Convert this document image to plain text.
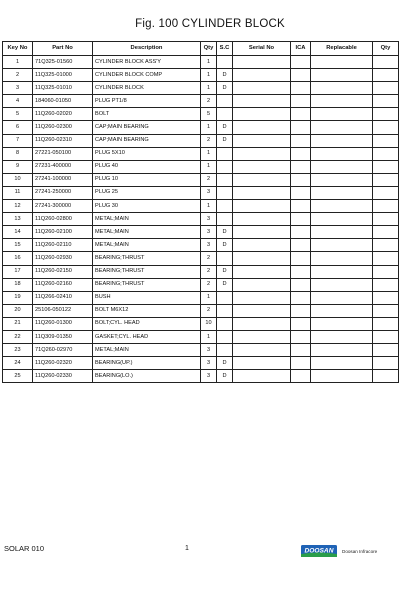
Fig. 100 CYLINDER BLOCK
Key No	Part No	Description	Qty	S.C	Serial No	ICA	Replacable	Qty
1	71Q325-01560	CYLINDER BLOCK ASS'Y	1					
2	11Q325-01000	CYLINDER BLOCK COMP	1	D				
3	11Q325-01010	CYLINDER BLOCK	1	D				
4	184060-01050	PLUG PT1/8	2					
5	11Q260-02020	BOLT	5					
6	11Q260-02300	CAP;MAIN BEARING	1	D				
7	11Q260-02310	CAP;MAIN BEARING	2	D				
8	27221-050100	PLUG 5X10	1					
9	27231-400000	PLUG 40	1					
10	27241-100000	PLUG 10	2					
11	27241-250000	PLUG 25	3					
12	27241-300000	PLUG 30	1					
13	11Q260-02800	METAL;MAIN	3					
14	11Q260-02100	METAL;MAIN	3	D				
15	11Q260-02110	METAL;MAIN	3	D				
16	11Q260-02930	BEARING;THRUST	2					
17	11Q260-02150	BEARING;THRUST	2	D				
18	11Q260-02160	BEARING;THRUST	2	D				
19	11Q266-02410	BUSH	1					
20	25106-050122	BOLT M6X12	2					
21	11Q260-01300	BOLT;CYL. HEAD	10					
22	11Q309-01350	GASKET;CYL. HEAD	1					
23	71Q260-02970	METAL;MAIN	3					
24	11Q260-02320	BEARING(UP.)	3	D				
25	11Q260-02330	BEARING(LO.)	3	D				
SOLAR 010	1	DOOSAN Doosan Infracore
